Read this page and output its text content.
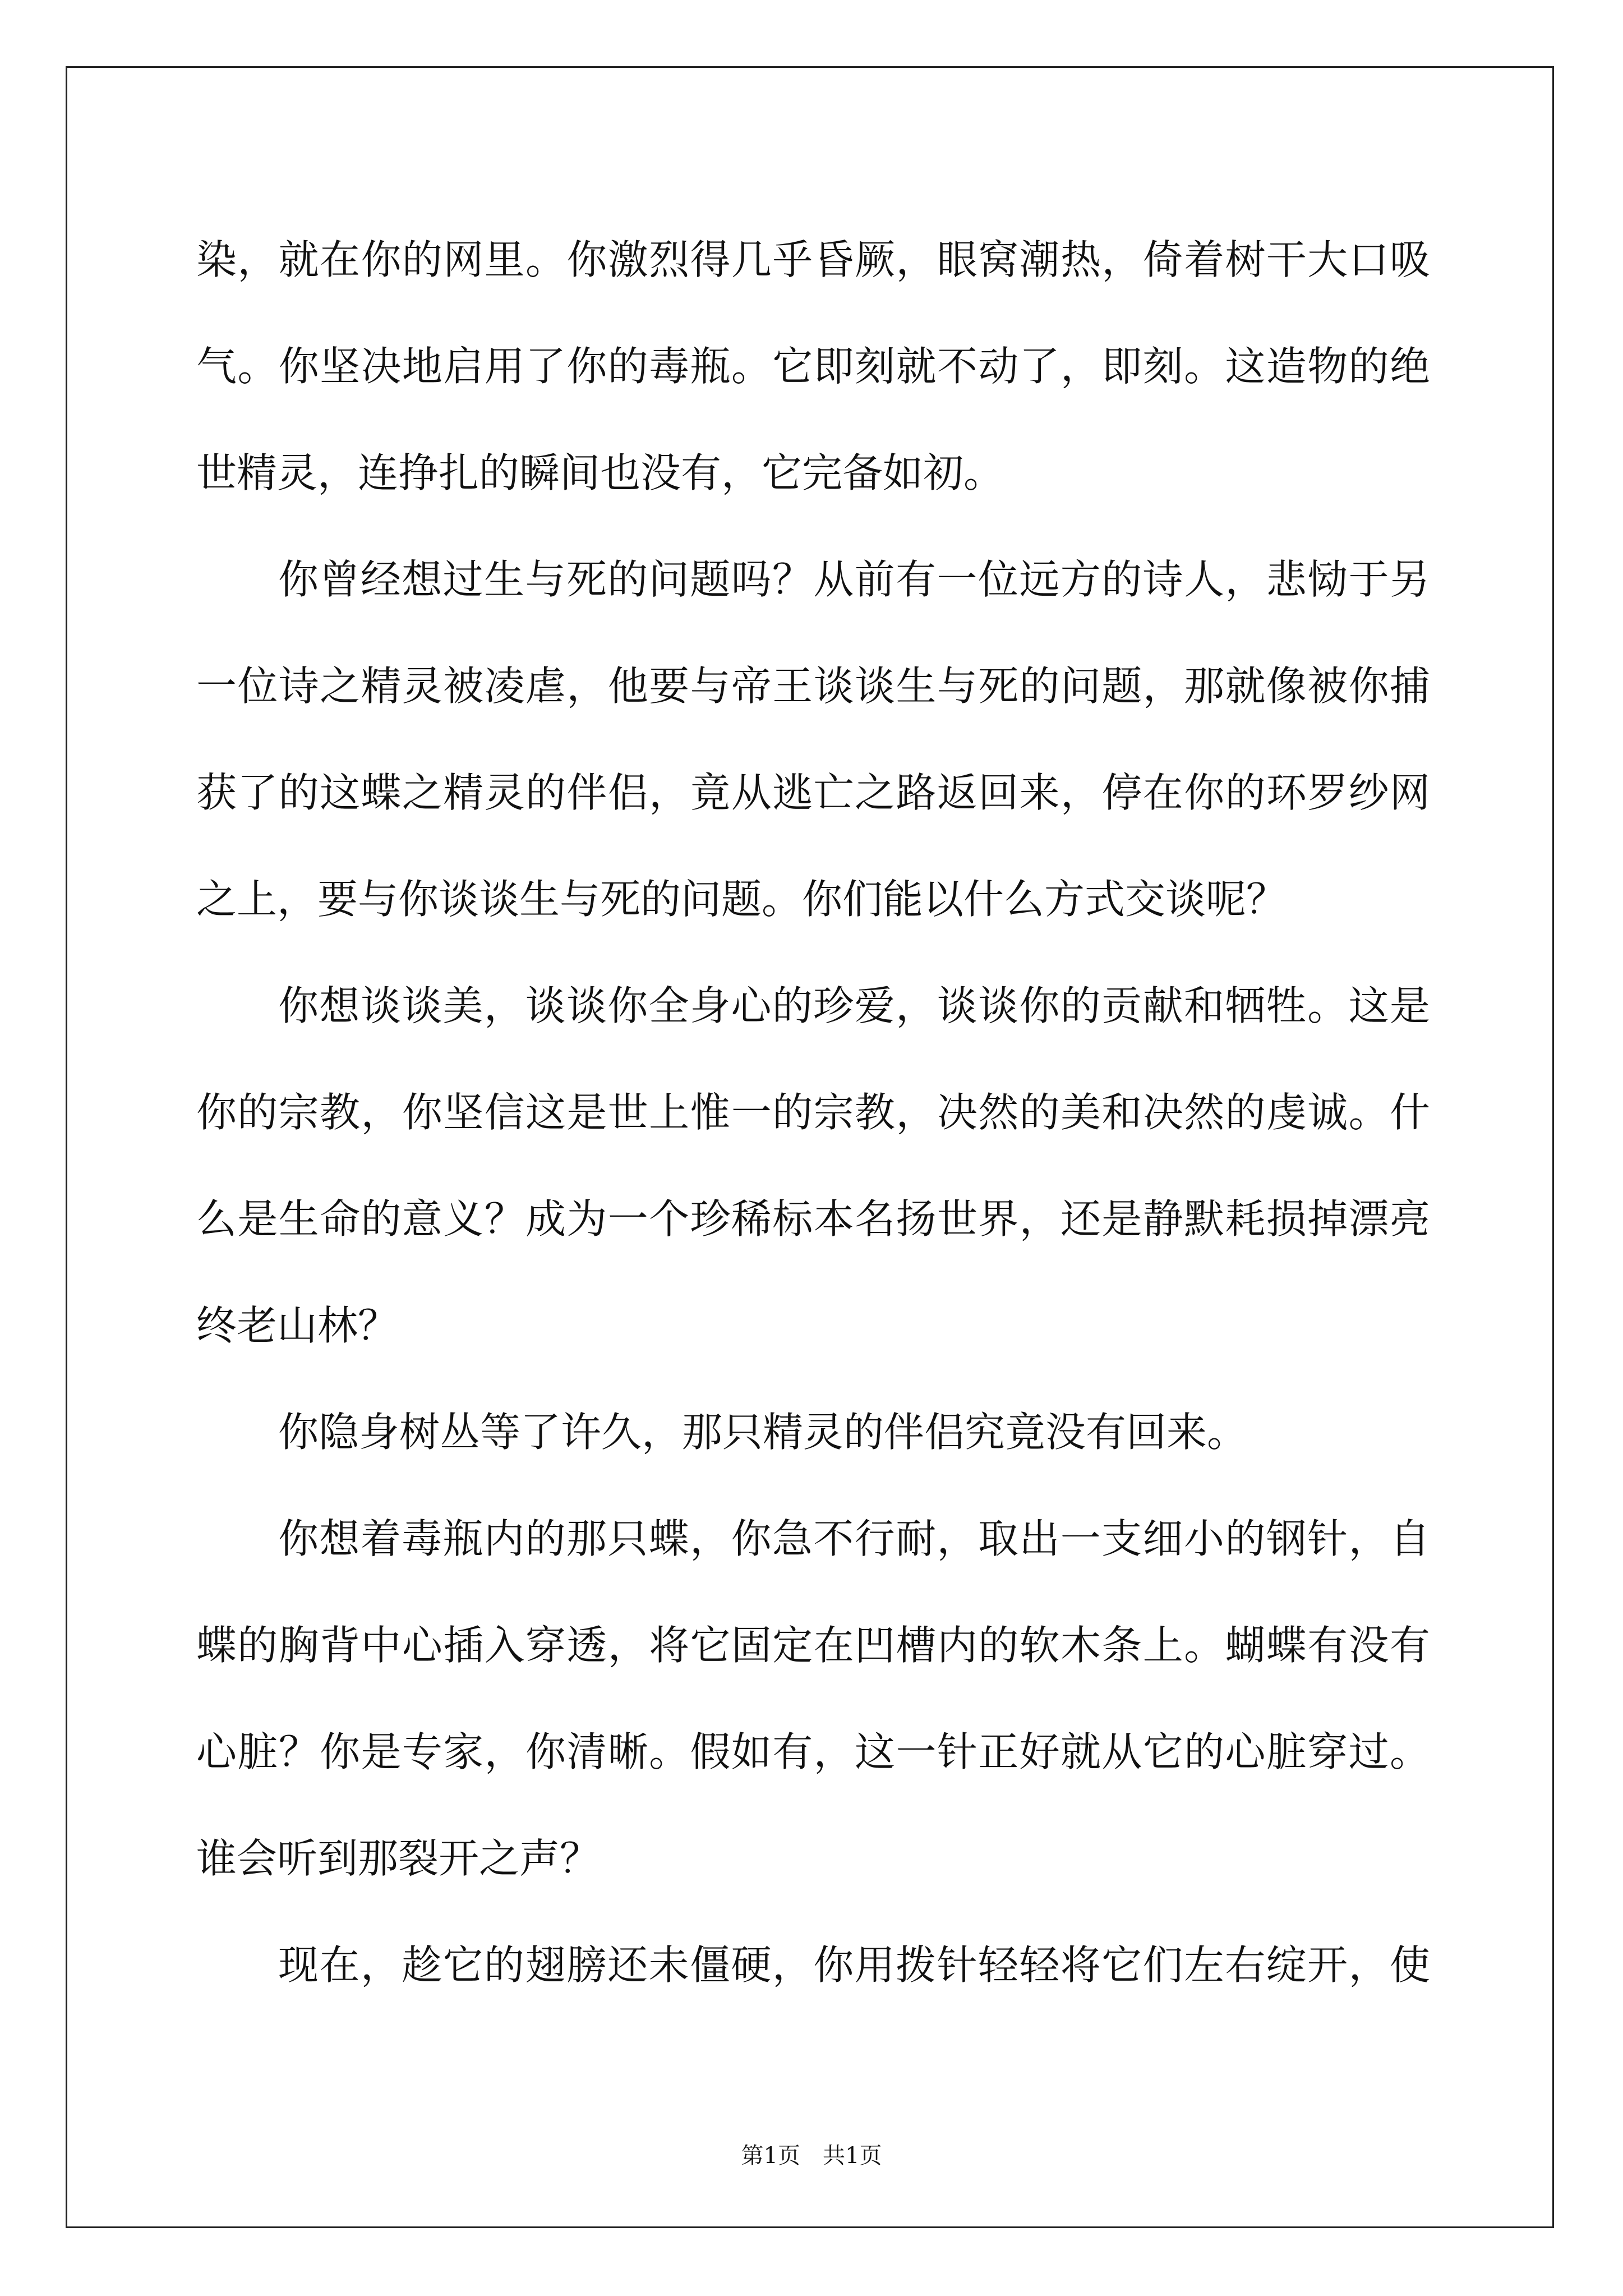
染，就在你的网里。你激烈得几乎昏厥，眼窝潮热，倚着树干大口吸
气。你坚决地启用了你的毒瓶。它即刻就不动了，即刻。这造物的绝
世精灵，连挣扎的瞬间也没有，它完备如初。
你曾经想过生与死的问题吗？从前有一位远方的诗人，悲恸于另
一位诗之精灵被凌虐，他要与帝王谈谈生与死的问题，那就像被你捕
获了的这蝶之精灵的伴侣，竟从逃亡之路返回来，停在你的环罗纱网
之上，要与你谈谈生与死的问题。你们能以什么方式交谈呢？
你想谈谈美，谈谈你全身心的珍爱，谈谈你的贡献和牺牲。这是
你的宗教，你坚信这是世上惟一的宗教，决然的美和决然的虔诚。什
么是生命的意义？成为一个珍稀标本名扬世界，还是静默耗损掉漂亮
终老山林？
你隐身树丛等了许久，那只精灵的伴侣究竟没有回来。
你想着毒瓶内的那只蝶，你急不行耐，取出一支细小的钢针，自
蝶的胸背中心插入穿透，将它固定在凹槽内的软木条上。蝴蝶有没有
心脏？你是专家，你清晰。假如有，这一针正好就从它的心脏穿过。
谁会听到那裂开之声？
现在，趁它的翅膀还未僵硬，你用拨针轻轻将它们左右绽开，使
第1页　共1页
